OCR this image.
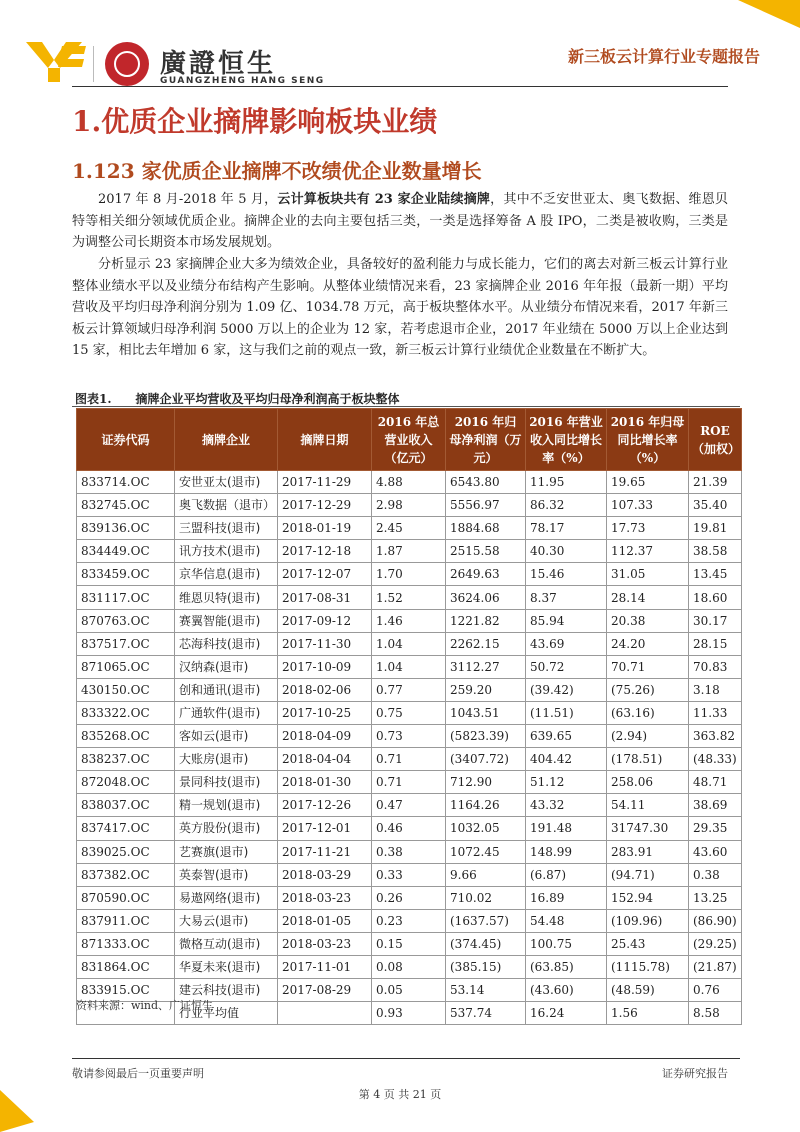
廣證恒生
GUANGZHENG HANG SENG
新三板云计算行业专题报告
1.优质企业摘牌影响板块业绩
1.123 家优质企业摘牌不改绩优企业数量增长
2017 年 8 月-2018 年 5 月，云计算板块共有 23 家企业陆续摘牌，其中不乏安世亚太、奥飞数据、维恩贝特等相关细分领域优质企业。摘牌企业的去向主要包括三类，一类是选择筹备 A 股 IPO，二类是被收购，三类是为调整公司长期资本市场发展规划。
分析显示 23 家摘牌企业大多为绩效企业，具备较好的盈利能力与成长能力，它们的离去对新三板云计算行业整体业绩水平以及业绩分布结构产生影响。从整体业绩情况来看，23 家摘牌企业 2016 年年报（最新一期）平均营收及平均归母净利润分别为 1.09 亿、1034.78 万元，高于板块整体水平。从业绩分布情况来看，2017 年新三板云计算领域归母净利润 5000 万以上的企业为 12 家，若考虑退市企业，2017 年业绩在 5000 万以上企业达到 15 家，相比去年增加 6 家，这与我们之前的观点一致，新三板云计算行业绩优企业数量在不断扩大。
图表1. 摘牌企业平均营收及平均归母净利润高于板块整体
证券代码	摘牌企业	摘牌日期	2016 年总营业收入（亿元）	2016 年归母净利润（万元）	2016 年营业收入同比增长率（%）	2016 年归母同比增长率（%）	ROE（加权）
833714.OC	安世亚太(退市)	2017-11-29	4.88	6543.80	11.95	19.65	21.39
832745.OC	奥飞数据（退市）	2017-12-29	2.98	5556.97	86.32	107.33	35.40
839136.OC	三盟科技(退市)	2018-01-19	2.45	1884.68	78.17	17.73	19.81
834449.OC	讯方技术(退市)	2017-12-18	1.87	2515.58	40.30	112.37	38.58
833459.OC	京华信息(退市)	2017-12-07	1.70	2649.63	15.46	31.05	13.45
831117.OC	维恩贝特(退市)	2017-08-31	1.52	3624.06	8.37	28.14	18.60
870763.OC	赛翼智能(退市)	2017-09-12	1.46	1221.82	85.94	20.38	30.17
837517.OC	芯海科技(退市)	2017-11-30	1.04	2262.15	43.69	24.20	28.15
871065.OC	汉纳森(退市)	2017-10-09	1.04	3112.27	50.72	70.71	70.83
430150.OC	创和通讯(退市)	2018-02-06	0.77	259.20	(39.42)	(75.26)	3.18
833322.OC	广通软件(退市)	2017-10-25	0.75	1043.51	(11.51)	(63.16)	11.33
835268.OC	客如云(退市)	2018-04-09	0.73	(5823.39)	639.65	(2.94)	363.82
838237.OC	大账房(退市)	2018-04-04	0.71	(3407.72)	404.42	(178.51)	(48.33)
872048.OC	景同科技(退市)	2018-01-30	0.71	712.90	51.12	258.06	48.71
838037.OC	精一规划(退市)	2017-12-26	0.47	1164.26	43.32	54.11	38.69
837417.OC	英方股份(退市)	2017-12-01	0.46	1032.05	191.48	31747.30	29.35
839025.OC	艺赛旗(退市)	2017-11-21	0.38	1072.45	148.99	283.91	43.60
837382.OC	英泰智(退市)	2018-03-29	0.33	9.66	(6.87)	(94.71)	0.38
870590.OC	易遨网络(退市)	2018-03-23	0.26	710.02	16.89	152.94	13.25
837911.OC	大易云(退市)	2018-01-05	0.23	(1637.57)	54.48	(109.96)	(86.90)
871333.OC	微格互动(退市)	2018-03-23	0.15	(374.45)	100.75	25.43	(29.25)
831864.OC	华夏未来(退市)	2017-11-01	0.08	(385.15)	(63.85)	(1115.78)	(21.87)
833915.OC	建云科技(退市)	2017-08-29	0.05	53.14	(43.60)	(48.59)	0.76
	行业平均值		0.93	537.74	16.24	1.56	8.58
资料来源：wind、广证恒生
敬请参阅最后一页重要声明	证券研究报告
第 4 页 共 21 页
